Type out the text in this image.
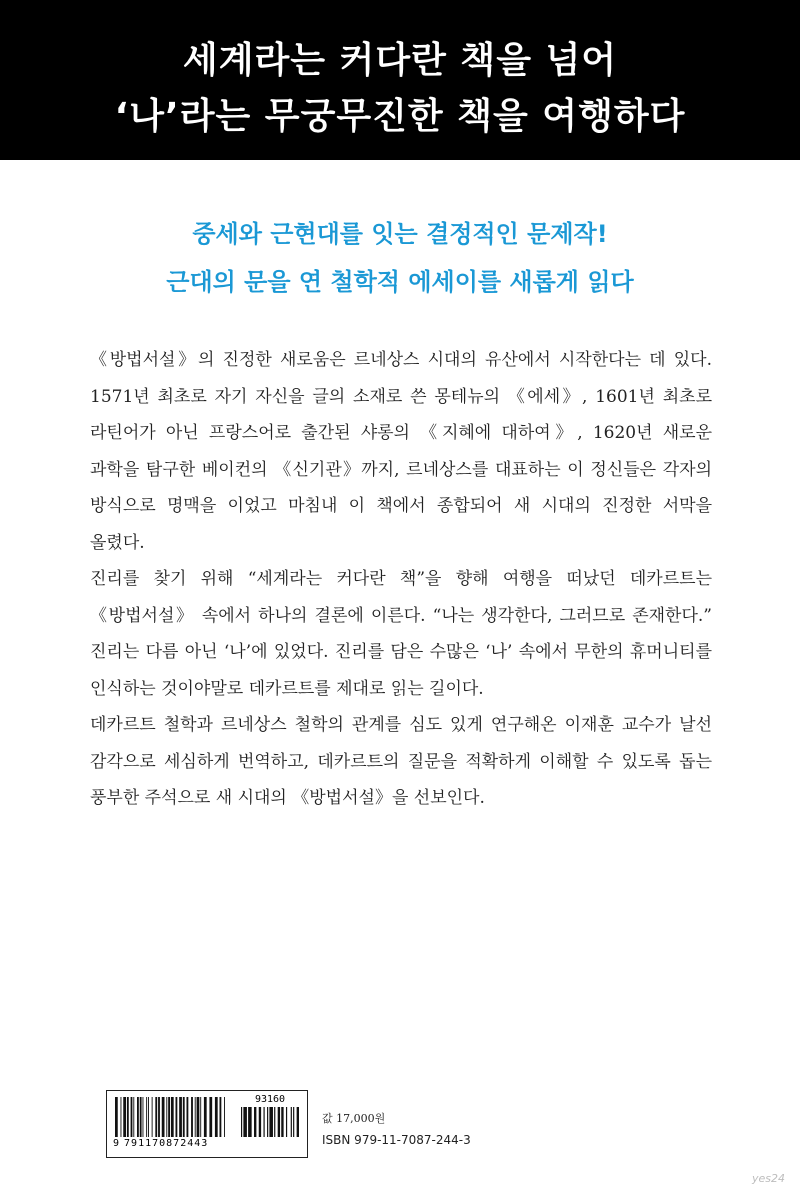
세계라는 커다란 책을 넘어
‘나’라는 무궁무진한 책을 여행하다
중세와 근현대를 잇는 결정적인 문제작!
근대의 문을 연 철학적 에세이를 새롭게 읽다

《방법서설》의 진정한 새로움은 르네상스 시대의 유산에서 시작한다는 데 있다. 1571년 최초로 자기 자신을 글의 소재로 쓴 몽테뉴의 《에세》, 1601년 최초로 라틴어가 아닌 프랑스어로 출간된 샤롱의 《지혜에 대하여》, 1620년 새로운 과학을 탐구한 베이컨의 《신기관》까지, 르네상스를 대표하는 이 정신들은 각자의 방식으로 명맥을 이었고 마침내 이 책에서 종합되어 새 시대의 진정한 서막을 올렸다.

진리를 찾기 위해 “세계라는 커다란 책”을 향해 여행을 떠났던 데카르트는 《방법서설》 속에서 하나의 결론에 이른다. “나는 생각한다, 그러므로 존재한다.” 진리는 다름 아닌 ‘나’에 있었다. 진리를 담은 수많은 ‘나’ 속에서 무한의 휴머니티를 인식하는 것이야말로 데카르트를 제대로 읽는 길이다.

데카르트 철학과 르네상스 철학의 관계를 심도 있게 연구해온 이재훈 교수가 날선 감각으로 세심하게 번역하고, 데카르트의 질문을 적확하게 이해할 수 있도록 돕는 풍부한 주석으로 새 시대의 《방법서설》을 선보인다.

93160
9 791170872443
값 17,000원
ISBN 979-11-7087-244-3
yes24
